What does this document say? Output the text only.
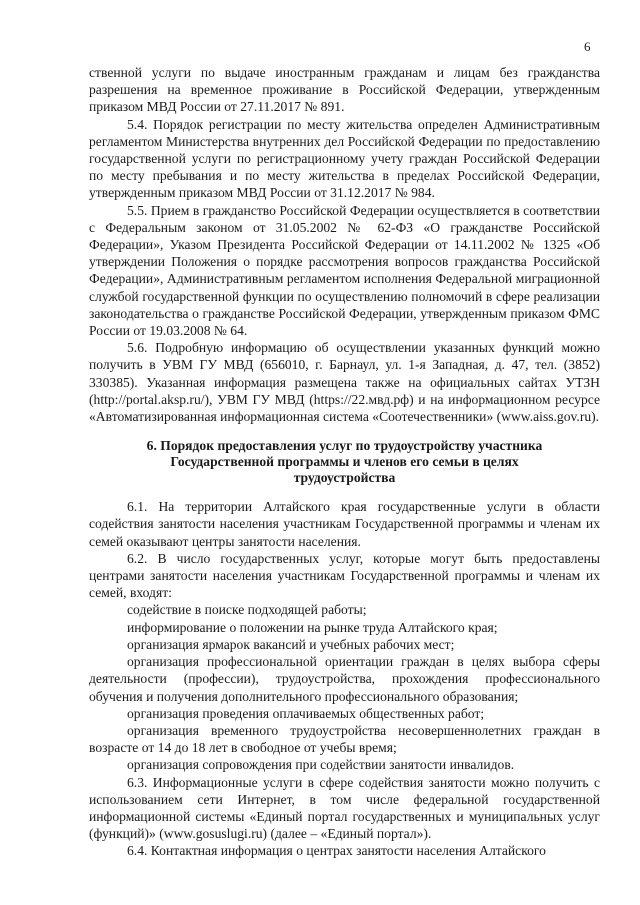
6

ственной услуги по выдаче иностранным гражданам и лицам без гражданства разрешения на временное проживание в Российской Федерации, утвержденным приказом МВД России от 27.11.2017 № 891.

5.4. Порядок регистрации по месту жительства определен Административным регламентом Министерства внутренних дел Российской Федерации по предоставлению государственной услуги по регистрационному учету граждан Российской Федерации по месту пребывания и по месту жительства в пределах Российской Федерации, утвержденным приказом МВД России от 31.12.2017 № 984.

5.5. Прием в гражданство Российской Федерации осуществляется в соответствии с Федеральным законом от 31.05.2002 № 62-ФЗ «О гражданстве Российской Федерации», Указом Президента Российской Федерации от 14.11.2002 № 1325 «Об утверждении Положения о порядке рассмотрения вопросов гражданства Российской Федерации», Административным регламентом исполнения Федеральной миграционной службой государственной функции по осуществлению полномочий в сфере реализации законодательства о гражданстве Российской Федерации, утвержденным приказом ФМС России от 19.03.2008 № 64.

5.6. Подробную информацию об осуществлении указанных функций можно получить в УВМ ГУ МВД (656010, г. Барнаул, ул. 1-я Западная, д. 47, тел. (3852) 330385). Указанная информация размещена также на официальных сайтах УТЗН (http://portal.aksp.ru/), УВМ ГУ МВД (https://22.мвд.рф) и на информационном ресурсе «Автоматизированная информационная система «Соотечественники» (www.aiss.gov.ru).

6. Порядок предоставления услуг по трудоустройству участника Государственной программы и членов его семьи в целях трудоустройства

6.1. На территории Алтайского края государственные услуги в области содействия занятости населения участникам Государственной программы и членам их семей оказывают центры занятости населения.

6.2. В число государственных услуг, которые могут быть предоставлены центрами занятости населения участникам Государственной программы и членам их семей, входят:

содействие в поиске подходящей работы;

информирование о положении на рынке труда Алтайского края;

организация ярмарок вакансий и учебных рабочих мест;

организация профессиональной ориентации граждан в целях выбора сферы деятельности (профессии), трудоустройства, прохождения профессионального обучения и получения дополнительного профессионального образования;

организация проведения оплачиваемых общественных работ;

организация временного трудоустройства несовершеннолетних граждан в возрасте от 14 до 18 лет в свободное от учебы время;

организация сопровождения при содействии занятости инвалидов.

6.3. Информационные услуги в сфере содействия занятости можно получить с использованием сети Интернет, в том числе федеральной государственной информационной системы «Единый портал государственных и муниципальных услуг (функций)» (www.gosuslugi.ru) (далее – «Единый портал»).

6.4. Контактная информация о центрах занятости населения Алтайского
